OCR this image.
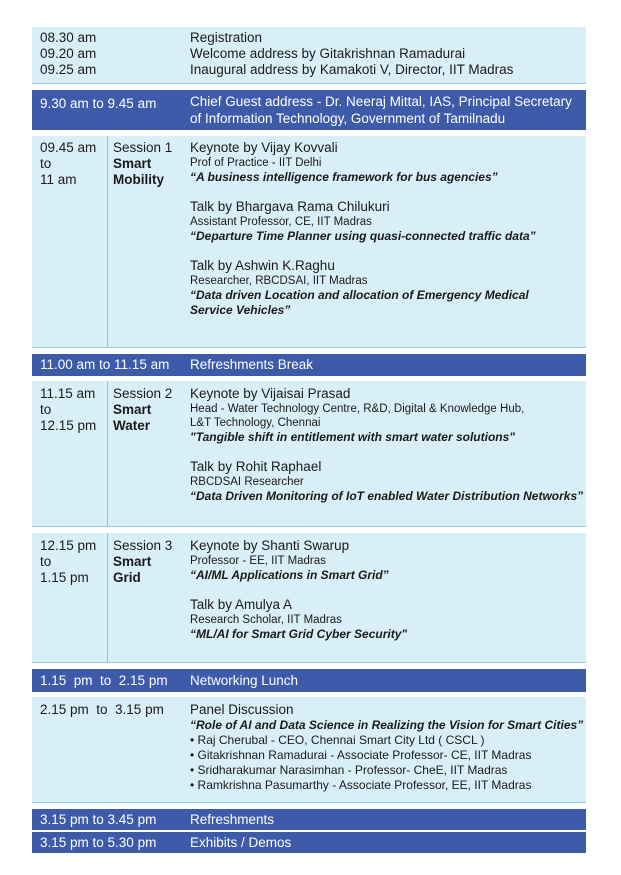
08.30 am
09.20 am
09.25 am
Registration
Welcome address by Gitakrishnan Ramadurai
Inaugural address by Kamakoti V, Director, IIT Madras
9.30 am to 9.45 am Chief Guest address - Dr. Neeraj Mittal, IAS, Principal Secretary of Information Technology, Government of Tamilnadu
09.45 am
to
11 am
Session 1
Smart
Mobility
Keynote by Vijay Kovvali
Prof of Practice - IIT Delhi
“A business intelligence framework for bus agencies”
Talk by Bhargava Rama Chilukuri
Assistant Professor, CE, IIT Madras
“Departure Time Planner using quasi-connected traffic data”
Talk by Ashwin K.Raghu
Researcher, RBCDSAI, IIT Madras
“Data driven Location and allocation of Emergency Medical Service Vehicles”
11.00 am to 11.15 am Refreshments Break
11.15 am
to
12.15 pm
Session 2
Smart
Water
Keynote by Vijaisai Prasad
Head - Water Technology Centre, R&D, Digital & Knowledge Hub,
L&T Technology, Chennai
"Tangible shift in entitlement with smart water solutions"
Talk by Rohit Raphael
RBCDSAI Researcher
“Data Driven Monitoring of IoT enabled Water Distribution Networks”
12.15 pm
to
1.15 pm
Session 3
Smart
Grid
Keynote by Shanti Swarup
Professor - EE, IIT Madras
“AI/ML Applications in Smart Grid”
Talk by Amulya A
Research Scholar, IIT Madras
“ML/AI for Smart Grid Cyber Security"
1.15  pm  to  2.15 pm Networking Lunch
2.15 pm  to  3.15 pm Panel Discussion
“Role of AI and Data Science in Realizing the Vision for Smart Cities”
• Raj Cherubal - CEO, Chennai Smart City Ltd ( CSCL )
• Gitakrishnan Ramadurai - Associate Professor- CE, IIT Madras
• Sridharakumar Narasimhan - Professor- CheE, IIT Madras
• Ramkrishna Pasumarthy - Associate Professor, EE, IIT Madras
3.15 pm to 3.45 pm Refreshments
3.15 pm to 5.30 pm Exhibits / Demos
